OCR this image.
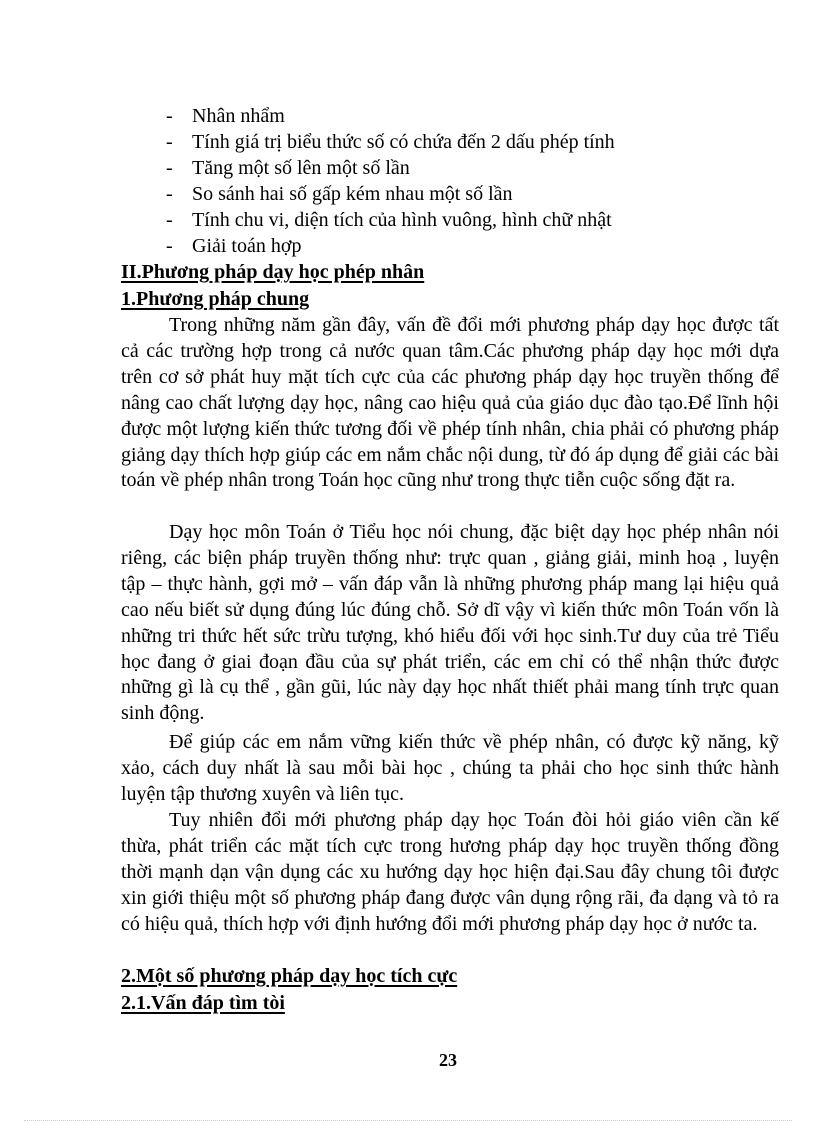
- Nhân nhẩm
- Tính giá trị biểu thức số có chứa đến 2 dấu phép tính
- Tăng một số lên một số lần
- So sánh hai số gấp kém nhau một số lần
- Tính chu vi, diện tích của hình vuông, hình chữ nhật
- Giải toán hợp
II.Phương pháp dạy học phép nhân
1.Phương pháp chung

Trong những năm gần đây, vấn đề đổi mới phương pháp dạy học được tất cả các trường hợp trong cả nước quan tâm.Các phương pháp dạy học mới dựa trên cơ sở phát huy mặt tích cực của các phương pháp dạy học truyền thống để nâng cao chất lượng dạy học, nâng cao hiệu quả của giáo dục đào tạo.Để lĩnh hội được một lượng kiến thức tương đối về phép tính nhân, chia phải có phương pháp giảng dạy thích hợp giúp các em nắm chắc nội dung, từ đó áp dụng để giải các bài toán về phép nhân trong Toán học cũng như trong thực tiễn cuộc sống đặt ra.

Dạy học môn Toán ở Tiểu học nói chung, đặc biệt dạy học phép nhân nói riêng, các biện pháp truyền thống như: trực quan , giảng giải, minh hoạ , luyện tập – thực hành, gợi mở – vấn đáp vẫn là những phương pháp mang lại hiệu quả cao nếu biết sử dụng đúng lúc đúng chỗ. Sở dĩ vậy vì kiến thức môn Toán vốn là những tri thức hết sức trừu tượng, khó hiểu đối với học sinh.Tư duy của trẻ Tiểu học đang ở giai đoạn đầu của sự phát triển, các em chỉ có thể nhận thức được những gì là cụ thể , gần gũi, lúc này dạy học nhất thiết phải mang tính trực quan sinh động.

Để giúp các em nắm vững kiến thức về phép nhân, có được kỹ năng, kỹ xảo, cách duy nhất là sau mỗi bài học , chúng ta phải cho học sinh thức hành luyện tập thương xuyên và liên tục.

Tuy nhiên đổi mới phương pháp dạy học Toán đòi hỏi giáo viên cần kế thừa, phát triển các mặt tích cực trong hương pháp dạy học truyền thống đồng thời mạnh dạn vận dụng các xu hướng dạy học hiện đại.Sau đây chung tôi được xin giới thiệu một số phương pháp đang được vân dụng rộng rãi, đa dạng và tỏ ra có hiệu quả, thích hợp với định hướng đổi mới phương pháp dạy học ở nước ta.

2.Một số phương pháp dạy học tích cực
2.1.Vấn đáp tìm tòi
23
